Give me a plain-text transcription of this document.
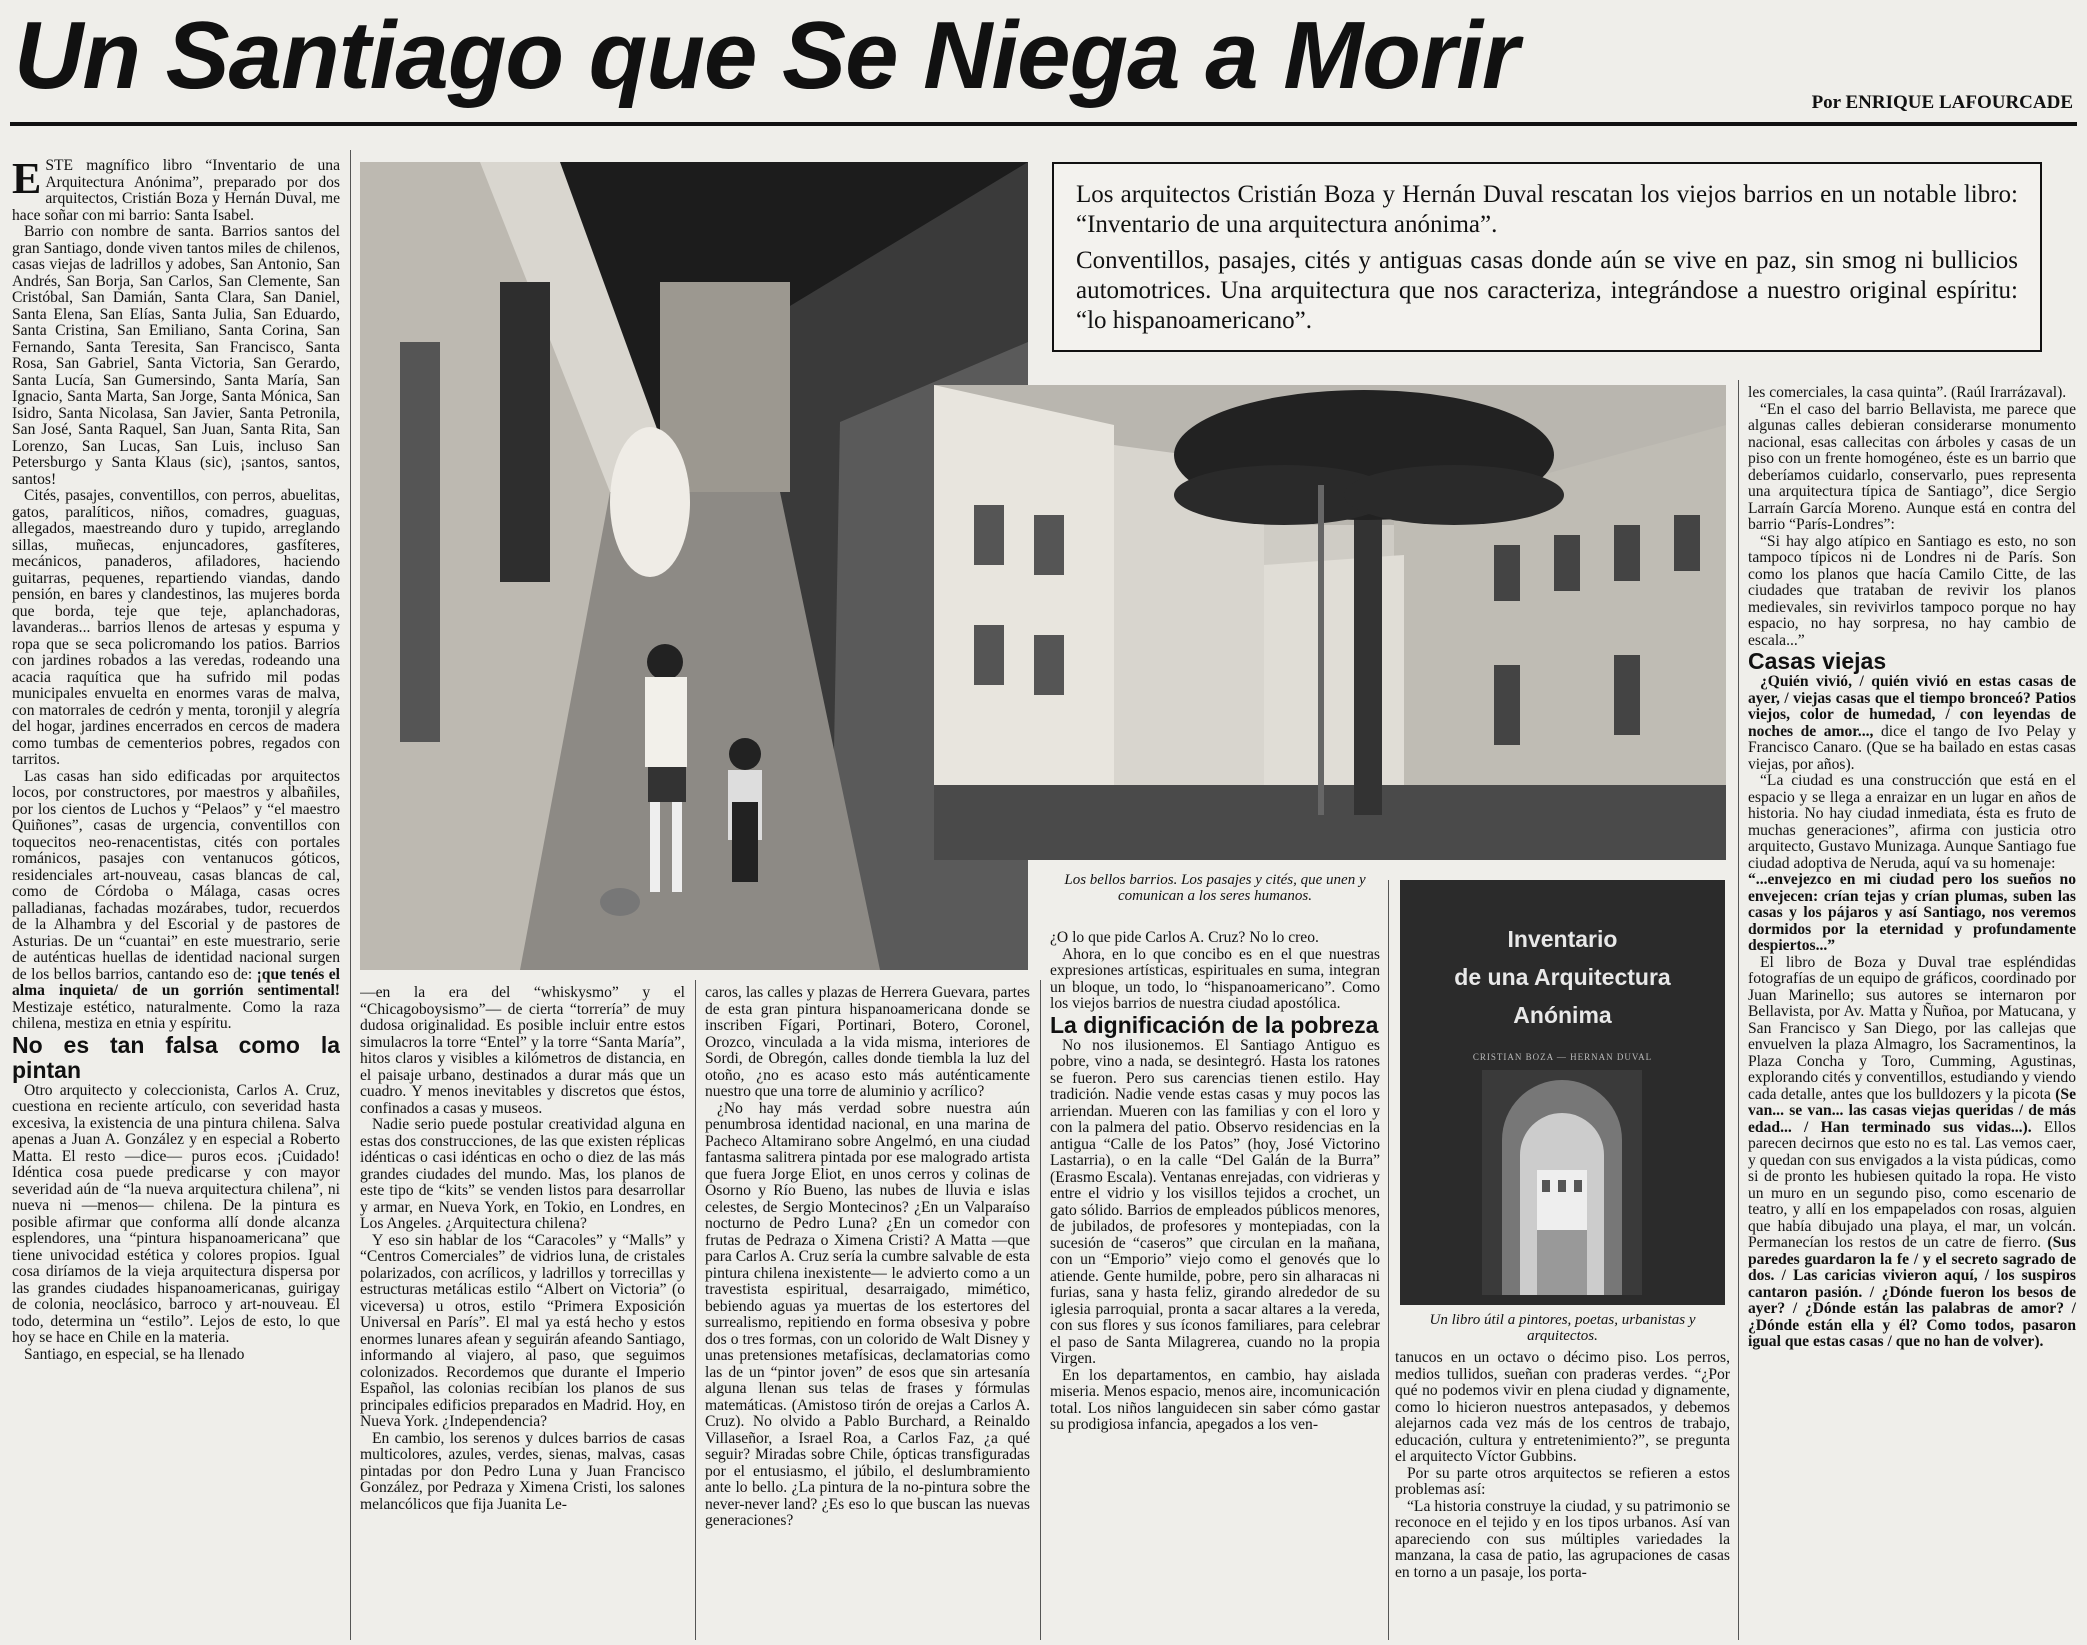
Un Santiago que Se Niega a Morir	Por ENRIQUE LAFOURCADE

ESTE magnífico libro “Inventario de una Arquitectura Anónima”, preparado por dos arquitectos, Cristián Boza y Hernán Duval, me hace soñar con mi barrio: Santa Isabel.

Barrio con nombre de santa. Barrios santos del gran Santiago, donde viven tantos miles de chilenos, casas viejas de ladrillos y adobes, San Antonio, San Andrés, San Borja, San Carlos, San Clemente, San Cristóbal, San Damián, Santa Clara, San Daniel, Santa Elena, San Elías, Santa Julia, San Eduardo, Santa Cristina, San Emiliano, Santa Corina, San Fernando, Santa Teresita, San Francisco, Santa Rosa, San Gabriel, Santa Victoria, San Gerardo, Santa Lucía, San Gumersindo, Santa María, San Ignacio, Santa Marta, San Jorge, Santa Mónica, San Isidro, Santa Nicolasa, San Javier, Santa Petronila, San José, Santa Raquel, San Juan, Santa Rita, San Lorenzo, San Lucas, San Luis, incluso San Petersburgo y Santa Klaus (sic), ¡santos, santos, santos!

Cités, pasajes, conventillos, con perros, abuelitas, gatos, paralíticos, niños, comadres, guaguas, allegados, maestreando duro y tupido, arreglando sillas, muñecas, enjuncadores, gasfíteres, mecánicos, panaderos, afiladores, haciendo guitarras, pequenes, repartiendo viandas, dando pensión, en bares y clandestinos, las mujeres borda que borda, teje que teje, aplanchadoras, lavanderas... barrios llenos de artesas y espuma y ropa que se seca policromando los patios. Barrios con jardines robados a las veredas, rodeando una acacia raquítica que ha sufrido mil podas municipales envuelta en enormes varas de malva, con matorrales de cedrón y menta, toronjil y alegría del hogar, jardines encerrados en cercos de madera como tumbas de cementerios pobres, regados con tarritos.

Las casas han sido edificadas por arquitectos locos, por constructores, por maestros y albañiles, por los cientos de Luchos y “Pelaos” y “el maestro Quiñones”, casas de urgencia, conventillos con toquecitos neo-renacentistas, cités con portales románicos, pasajes con ventanucos góticos, residenciales art-nouveau, casas blancas de cal, como de Córdoba o Málaga, casas ocres palladianas, fachadas mozárabes, tudor, recuerdos de la Alhambra y del Escorial y de pastores de Asturias. De un “cuantai” en este muestrario, serie de auténticas huellas de identidad nacional surgen de los bellos barrios, cantando eso de: ¡que tenés el alma inquieta/ de un gorrión sentimental! Mestizaje estético, naturalmente. Como la raza chilena, mestiza en etnia y espíritu.

No es tan falsa como la pintan

Otro arquitecto y coleccionista, Carlos A. Cruz, cuestiona en reciente artículo, con severidad hasta excesiva, la existencia de una pintura chilena. Salva apenas a Juan A. González y en especial a Roberto Matta. El resto —dice— puros ecos. ¡Cuidado! Idéntica cosa puede predicarse y con mayor severidad aún de “la nueva arquitectura chilena”, ni nueva ni —menos— chilena. De la pintura es posible afirmar que conforma allí donde alcanza esplendores, una “pintura hispanoamericana” que tiene univocidad estética y colores propios. Igual cosa diríamos de la vieja arquitectura dispersa por las grandes ciudades hispanoamericanas, guirigay de colonia, neoclásico, barroco y art-nouveau. El todo, determina un “estilo”. Lejos de esto, lo que hoy se hace en Chile en la materia.

Santiago, en especial, se ha llenado

Los arquitectos Cristián Boza y Hernán Duval rescatan los viejos barrios en un notable libro: “Inventario de una arquitectura anónima”.

Conventillos, pasajes, cités y antiguas casas donde aún se vive en paz, sin smog ni bullicios automotrices. Una arquitectura que nos caracteriza, integrándose a nuestro original espíritu: “lo hispanoamericano”.

Los bellos barrios. Los pasajes y cités, que unen y comunican a los seres humanos.

—en la era del “whiskysmo” y el “Chicagoboysismo”— de cierta “torrería” de muy dudosa originalidad. Es posible incluir entre estos simulacros la torre “Entel” y la torre “Santa María”, hitos claros y visibles a kilómetros de distancia, en el paisaje urbano, destinados a durar más que un cuadro. Y menos inevitables y discretos que éstos, confinados a casas y museos.

Nadie serio puede postular creatividad alguna en estas dos construcciones, de las que existen réplicas idénticas o casi idénticas en ocho o diez de las más grandes ciudades del mundo. Mas, los planos de este tipo de “kits” se venden listos para desarrollar y armar, en Nueva York, en Tokio, en Londres, en Los Angeles. ¿Arquitectura chilena?

Y eso sin hablar de los “Caracoles” y “Malls” y “Centros Comerciales” de vidrios luna, de cristales polarizados, con acrílicos, y ladrillos y torrecillas y estructuras metálicas estilo “Albert on Victoria” (o viceversa) u otros, estilo “Primera Exposición Universal en París”. El mal ya está hecho y estos enormes lunares afean y seguirán afeando Santiago, informando al viajero, al paso, que seguimos colonizados. Recordemos que durante el Imperio Español, las colonias recibían los planos de sus principales edificios preparados en Madrid. Hoy, en Nueva York. ¿Independencia?

En cambio, los serenos y dulces barrios de casas multicolores, azules, verdes, sienas, malvas, casas pintadas por don Pedro Luna y Juan Francisco González, por Pedraza y Ximena Cristi, los salones melancólicos que fija Juanita Le-

caros, las calles y plazas de Herrera Guevara, partes de esta gran pintura hispanoamericana donde se inscriben Fígari, Portinari, Botero, Coronel, Orozco, vinculada a la vida misma, interiores de Sordi, de Obregón, calles donde tiembla la luz del otoño, ¿no es acaso esto más auténticamente nuestro que una torre de aluminio y acrílico?

¿No hay más verdad sobre nuestra aún penumbrosa identidad nacional, en una marina de Pacheco Altamirano sobre Angelmó, en una ciudad fantasma salitrera pintada por ese malogrado artista que fuera Jorge Eliot, en unos cerros y colinas de Osorno y Río Bueno, las nubes de lluvia e islas celestes, de Sergio Montecinos? ¿En un Valparaíso nocturno de Pedro Luna? ¿En un comedor con frutas de Pedraza o Ximena Cristi? A Matta —que para Carlos A. Cruz sería la cumbre salvable de esta pintura chilena inexistente— le advierto como a un travestista espiritual, desarraigado, mimético, bebiendo aguas ya muertas de los estertores del surrealismo, repitiendo en forma obsesiva y pobre dos o tres formas, con un colorido de Walt Disney y unas pretensiones metafísicas, declamatorias como las de un “pintor joven” de esos que sin artesanía alguna llenan sus telas de frases y fórmulas matemáticas. (Amistoso tirón de orejas a Carlos A. Cruz). No olvido a Pablo Burchard, a Reinaldo Villaseñor, a Israel Roa, a Carlos Faz, ¿a qué seguir? Miradas sobre Chile, ópticas transfiguradas por el entusiasmo, el júbilo, el deslumbramiento ante lo bello. ¿La pintura de la no-pintura sobre the never-never land? ¿Es eso lo que buscan las nuevas generaciones?

¿O lo que pide Carlos A. Cruz? No lo creo.

Ahora, en lo que concibo es en el que nuestras expresiones artísticas, espirituales en suma, integran un bloque, un todo, lo “hispanoamericano”. Como los viejos barrios de nuestra ciudad apostólica.

La dignificación de la pobreza

No nos ilusionemos. El Santiago Antiguo es pobre, vino a nada, se desintegró. Hasta los ratones se fueron. Pero sus carencias tienen estilo. Hay tradición. Nadie vende estas casas y muy pocos las arriendan. Mueren con las familias y con el loro y con la palmera del patio. Observo residencias en la antigua “Calle de los Patos” (hoy, José Victorino Lastarria), o en la calle “Del Galán de la Burra” (Erasmo Escala). Ventanas enrejadas, con vidrieras y entre el vidrio y los visillos tejidos a crochet, un gato sólido. Barrios de empleados públicos menores, de jubilados, de profesores y montepiadas, con la sucesión de “caseros” que circulan en la mañana, con un “Emporio” viejo como el genovés que lo atiende. Gente humilde, pobre, pero sin alharacas ni furias, sana y hasta feliz, girando alrededor de su iglesia parroquial, pronta a sacar altares a la vereda, con sus flores y sus íconos familiares, para celebrar el paso de Santa Milagrerea, cuando no la propia Virgen.

En los departamentos, en cambio, hay aislada miseria. Menos espacio, menos aire, incomunicación total. Los niños languidecen sin saber cómo gastar su prodigiosa infancia, apegados a los ven-

Inventario
de una Arquitectura
Anónima
CRISTIAN BOZA — HERNAN DUVAL
Un libro útil a pintores, poetas, urbanistas y arquitectos.

tanucos en un octavo o décimo piso. Los perros, medios tullidos, sueñan con praderas verdes. “¿Por qué no podemos vivir en plena ciudad y dignamente, como lo hicieron nuestros antepasados, y debemos alejarnos cada vez más de los centros de trabajo, educación, cultura y entretenimiento?”, se pregunta el arquitecto Víctor Gubbins.

Por su parte otros arquitectos se refieren a estos problemas así:

“La historia construye la ciudad, y su patrimonio se reconoce en el tejido y en los tipos urbanos. Así van apareciendo con sus múltiples variedades la manzana, la casa de patio, las agrupaciones de casas en torno a un pasaje, los porta-

les comerciales, la casa quinta”. (Raúl Irarrázaval).

“En el caso del barrio Bellavista, me parece que algunas calles debieran considerarse monumento nacional, esas callecitas con árboles y casas de un piso con un frente homogéneo, éste es un barrio que deberíamos cuidarlo, conservarlo, pues representa una arquitectura típica de Santiago”, dice Sergio Larraín García Moreno. Aunque está en contra del barrio “París-Londres”:

“Si hay algo atípico en Santiago es esto, no son tampoco típicos ni de Londres ni de París. Son como los planos que hacía Camilo Citte, de las ciudades que trataban de revivir los planos medievales, sin revivirlos tampoco porque no hay espacio, no hay sorpresa, no hay cambio de escala...”

Casas viejas

¿Quién vivió, / quién vivió en estas casas de ayer, / viejas casas que el tiempo bronceó? Patios viejos, color de humedad, / con leyendas de noches de amor..., dice el tango de Ivo Pelay y Francisco Canaro. (Que se ha bailado en estas casas viejas, por años).

“La ciudad es una construcción que está en el espacio y se llega a enraizar en un lugar en años de historia. No hay ciudad inmediata, ésta es fruto de muchas generaciones”, afirma con justicia otro arquitecto, Gustavo Munizaga. Aunque Santiago fue ciudad adoptiva de Neruda, aquí va su homenaje:

“...envejezco en mi ciudad pero los sueños no envejecen: crían tejas y crían plumas, suben las casas y los pájaros y así Santiago, nos veremos dormidos por la eternidad y profundamente despiertos...”

El libro de Boza y Duval trae espléndidas fotografías de un equipo de gráficos, coordinado por Juan Marinello; sus autores se internaron por Bellavista, por Av. Matta y Ñuñoa, por Matucana, y San Francisco y San Diego, por las callejas que envuelven la plaza Almagro, los Sacramentinos, la Plaza Concha y Toro, Cumming, Agustinas, explorando cités y conventillos, estudiando y viendo cada detalle, antes que los bulldozers y la picota (Se van... se van... las casas viejas queridas / de más edad... / Han terminado sus vidas...). Ellos parecen decirnos que esto no es tal. Las vemos caer, y quedan con sus envigados a la vista púdicas, como si de pronto les hubiesen quitado la ropa. He visto un muro en un segundo piso, como escenario de teatro, y allí en los empapelados con rosas, alguien que había dibujado una playa, el mar, un volcán. Permanecían los restos de un catre de fierro. (Sus paredes guardaron la fe / y el secreto sagrado de dos. / Las caricias vivieron aquí, / los suspiros cantaron pasión. / ¿Dónde fueron los besos de ayer? / ¿Dónde están las palabras de amor? / ¿Dónde están ella y él? Como todos, pasaron igual que estas casas / que no han de volver).
